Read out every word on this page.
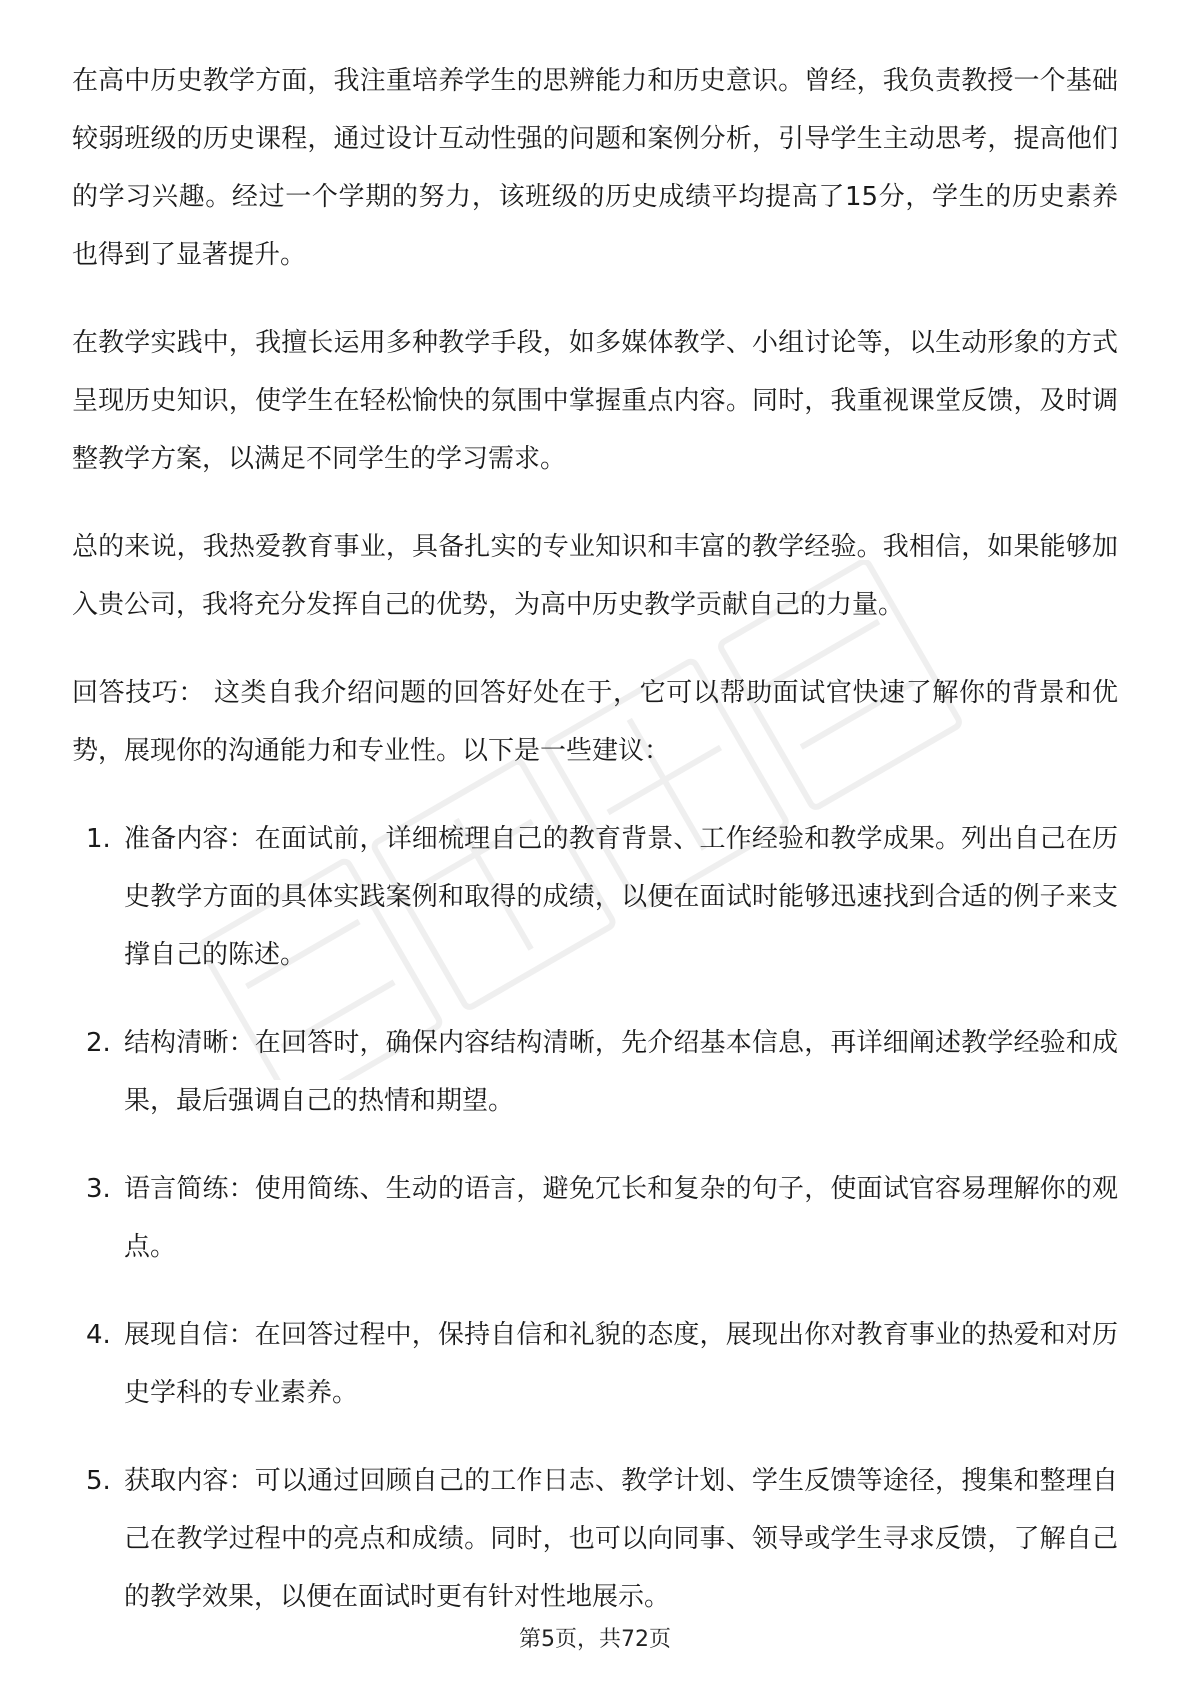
在高中历史教学方面，我注重培养学生的思辨能力和历史意识。曾经，我负责教授一个基础较弱班级的历史课程，通过设计互动性强的问题和案例分析，引导学生主动思考，提高他们的学习兴趣。经过一个学期的努力，该班级的历史成绩平均提高了15分，学生的历史素养也得到了显著提升。

在教学实践中，我擅长运用多种教学手段，如多媒体教学、小组讨论等，以生动形象的方式呈现历史知识，使学生在轻松愉快的氛围中掌握重点内容。同时，我重视课堂反馈，及时调整教学方案，以满足不同学生的学习需求。

总的来说，我热爱教育事业，具备扎实的专业知识和丰富的教学经验。我相信，如果能够加入贵公司，我将充分发挥自己的优势，为高中历史教学贡献自己的力量。

回答技巧： 这类自我介绍问题的回答好处在于，它可以帮助面试官快速了解你的背景和优势，展现你的沟通能力和专业性。以下是一些建议：

1. 准备内容：在面试前，详细梳理自己的教育背景、工作经验和教学成果。列出自己在历史教学方面的具体实践案例和取得的成绩，以便在面试时能够迅速找到合适的例子来支撑自己的陈述。
2. 结构清晰：在回答时，确保内容结构清晰，先介绍基本信息，再详细阐述教学经验和成果，最后强调自己的热情和期望。
3. 语言简练：使用简练、生动的语言，避免冗长和复杂的句子，使面试官容易理解你的观点。
4. 展现自信：在回答过程中，保持自信和礼貌的态度，展现出你对教育事业的热爱和对历史学科的专业素养。
5. 获取内容：可以通过回顾自己的工作日志、教学计划、学生反馈等途径，搜集和整理自己在教学过程中的亮点和成绩。同时，也可以向同事、领导或学生寻求反馈，了解自己的教学效果，以便在面试时更有针对性地展示。
第5页，共72页
